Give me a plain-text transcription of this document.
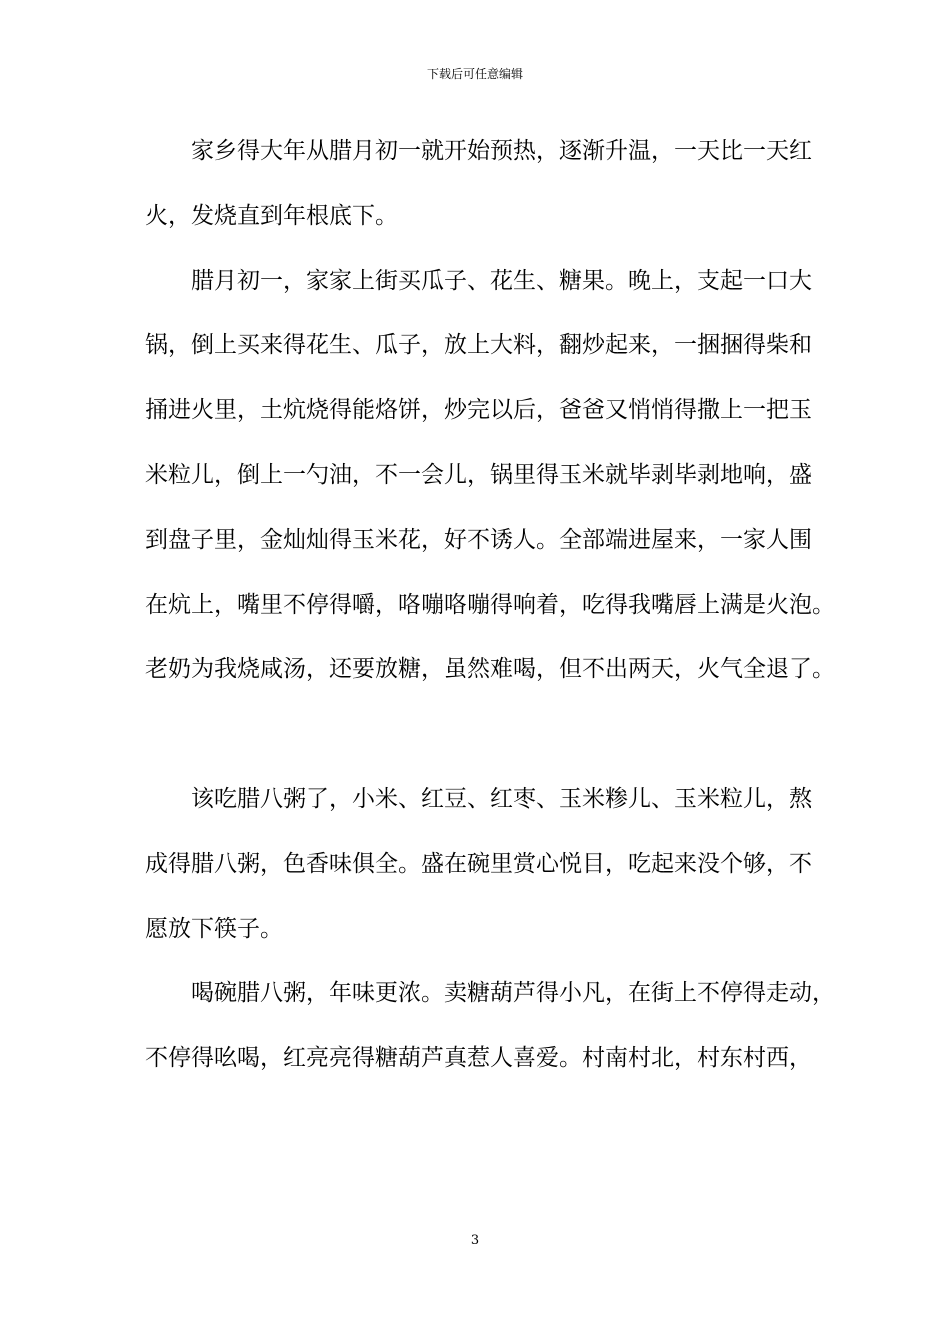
下载后可任意编辑
家乡得大年从腊月初一就开始预热，逐渐升温，一天比一天红
火，发烧直到年根底下。
腊月初一，家家上街买瓜子、花生、糖果。晚上，支起一口大
锅，倒上买来得花生、瓜子，放上大料，翻炒起来，一捆捆得柴和
捅进火里，土炕烧得能烙饼，炒完以后，爸爸又悄悄得撒上一把玉
米粒儿，倒上一勺油，不一会儿，锅里得玉米就毕剥毕剥地响，盛
到盘子里，金灿灿得玉米花，好不诱人。全部端进屋来，一家人围
在炕上，嘴里不停得嚼，咯嘣咯嘣得响着，吃得我嘴唇上满是火泡。
老奶为我烧咸汤，还要放糖，虽然难喝，但不出两天，火气全退了。
该吃腊八粥了，小米、红豆、红枣、玉米糁儿、玉米粒儿，熬
成得腊八粥，色香味俱全。盛在碗里赏心悦目，吃起来没个够，不
愿放下筷子。
喝碗腊八粥，年味更浓。卖糖葫芦得小凡，在街上不停得走动，
不停得吆喝，红亮亮得糖葫芦真惹人喜爱。村南村北，村东村西，
3
